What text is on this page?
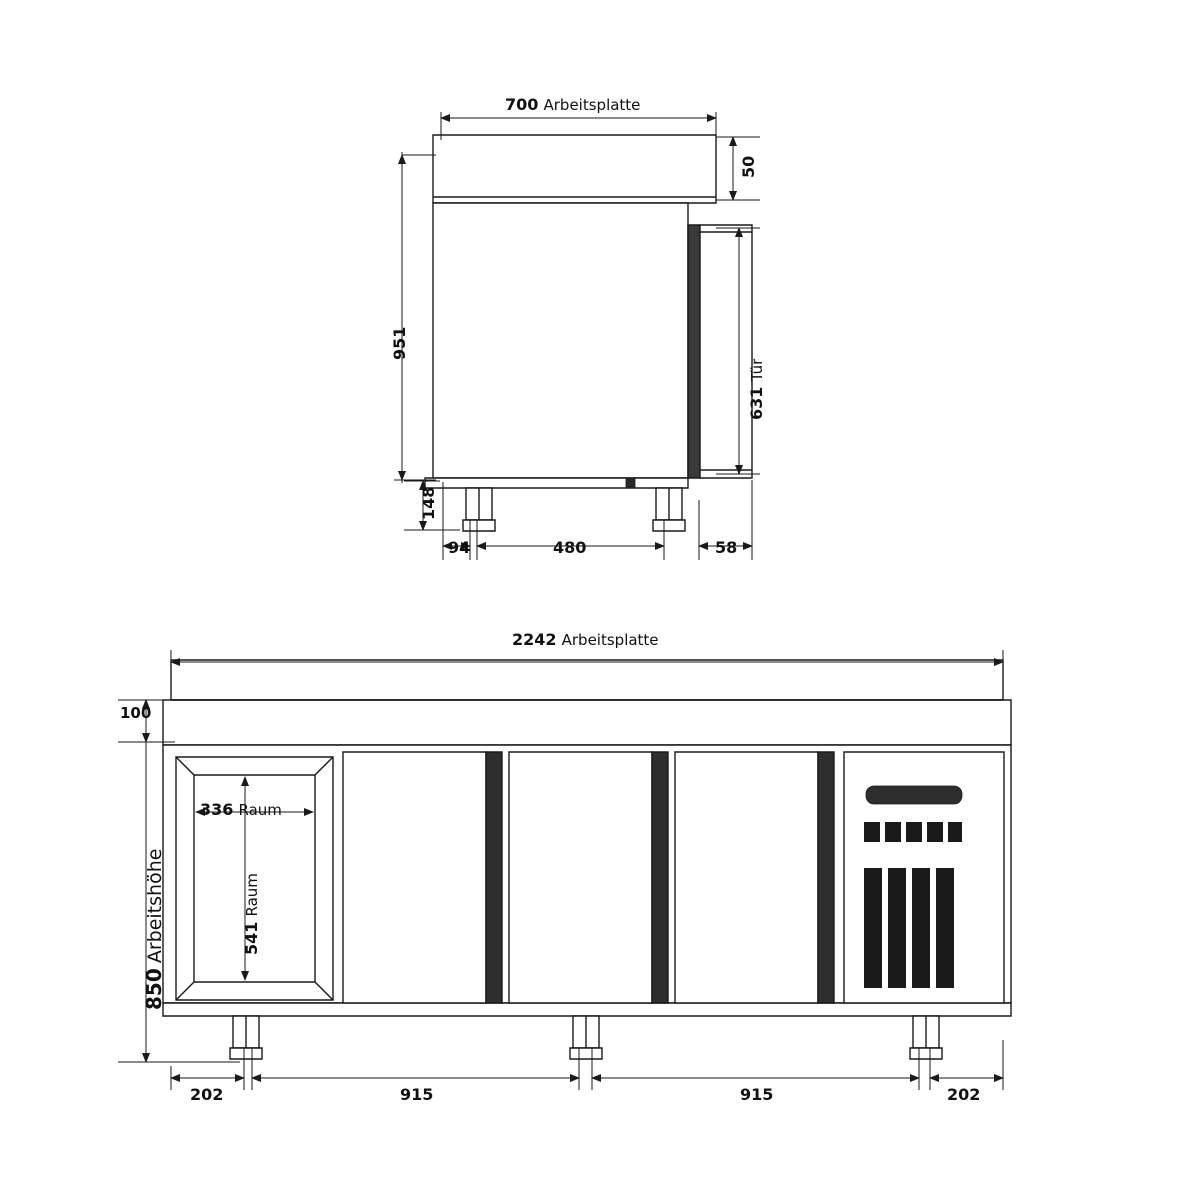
700 Arbeitsplatte
50
951
631 Tür
148
94	480	58
2242 Arbeitsplatte
100
850 Arbeitshöhe
336 Raum
541 Raum
202	915	915	202
